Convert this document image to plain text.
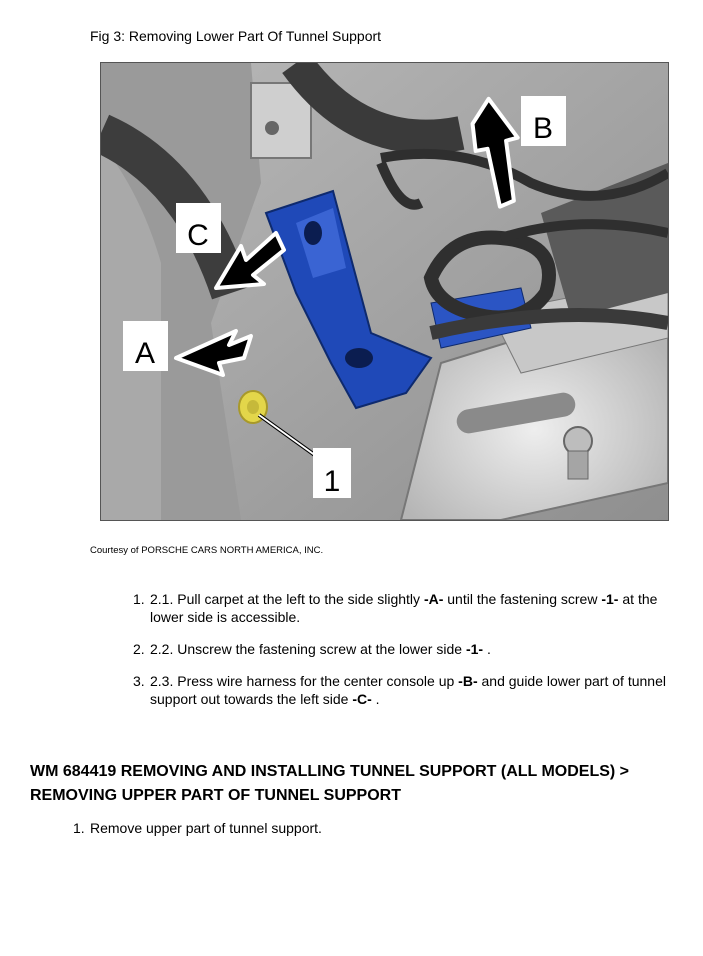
Fig 3: Removing Lower Part Of Tunnel Support
B
C
A
1
Courtesy of PORSCHE CARS NORTH AMERICA, INC.
1. 2.1. Pull carpet at the left to the side slightly -A- until the fastening screw -1- at the lower side is accessible.
2. 2.2. Unscrew the fastening screw at the lower side -1- .
3. 2.3. Press wire harness for the center console up -B- and guide lower part of tunnel support out towards the left side -C- .
WM 684419 REMOVING AND INSTALLING TUNNEL SUPPORT (ALL MODELS) >
REMOVING UPPER PART OF TUNNEL SUPPORT
1. Remove upper part of tunnel support.
